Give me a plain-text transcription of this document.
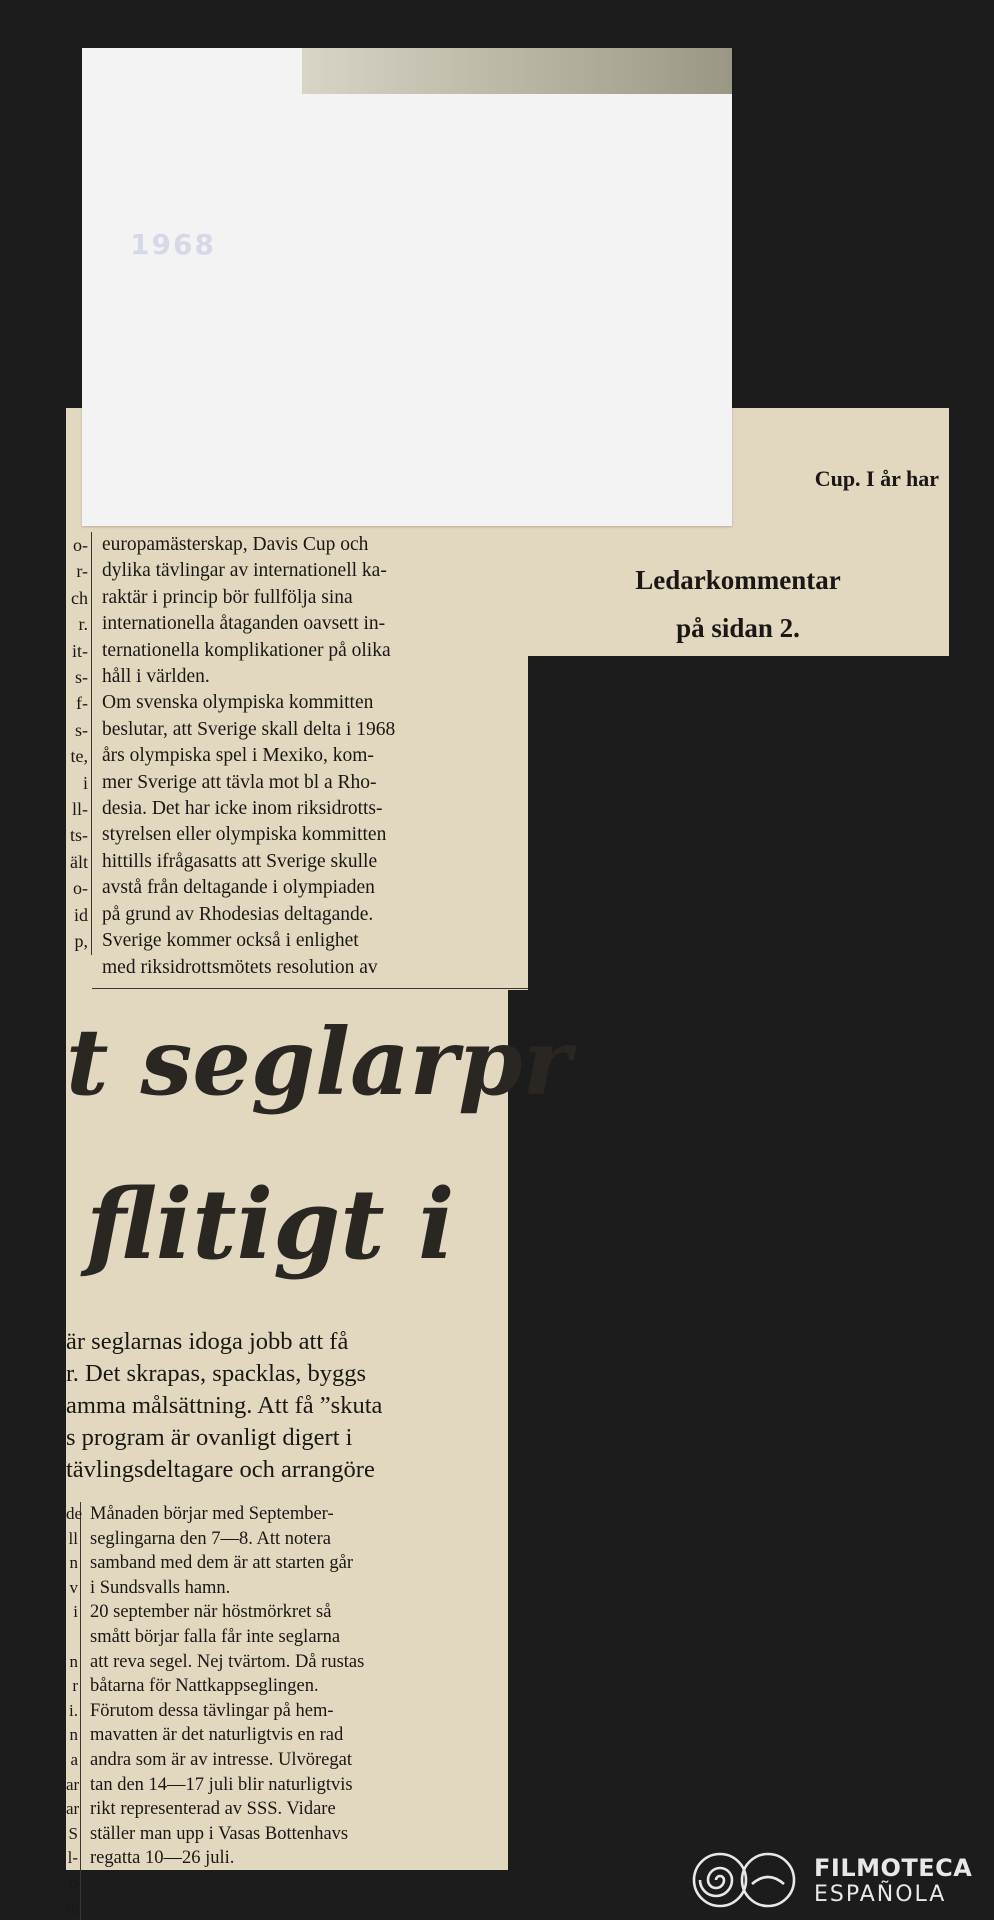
1968
Cup. I år har
Ledarkommentar
på sidan 2.
o-
r-
ch
r.
it-
s-
f-
s-
te,
i
ll-
ts-
ält
o-
id
p,
europamästerskap, Davis Cup och
dylika tävlingar av internationell ka-
raktär i princip bör fullfölja sina
internationella åtaganden oavsett in-
ternationella komplikationer på olika
håll i världen.
Om svenska olympiska kommitten
beslutar, att Sverige skall delta i 1968
års olympiska spel i Mexiko, kom-
mer Sverige att tävla mot bl a Rho-
desia. Det har icke inom riksidrotts-
styrelsen eller olympiska kommitten
hittills ifrågasatts att Sverige skulle
avstå från deltagande i olympiaden
på grund av Rhodesias deltagande.
Sverige kommer också i enlighet
med riksidrottsmötets resolution av
t seglarpr
flitigt i
är seglarnas idoga jobb att få
r. Det skrapas, spacklas, byggs
amma målsättning. Att få ”skuta
s program är ovanligt digert i
tävlingsdeltagare och arrangöre
de
ll
n
v
i

n
r
i.
n
a
ar
ar
S
l-
o
m
Månaden börjar med September-
seglingarna den 7—8. Att notera
samband med dem är att starten går
i Sundsvalls hamn.
20 september när höstmörkret så
smått börjar falla får inte seglarna
att reva segel. Nej tvärtom. Då rustas
båtarna för Nattkappseglingen.
Förutom dessa tävlingar på hem-
mavatten är det naturligtvis en rad
andra som är av intresse. Ulvöregat
tan den 14—17 juli blir naturligtvis
rikt representerad av SSS. Vidare
ställer man upp i Vasas Bottenhavs
regatta 10—26 juli.	FILMOTECA
ESPAÑOLA
